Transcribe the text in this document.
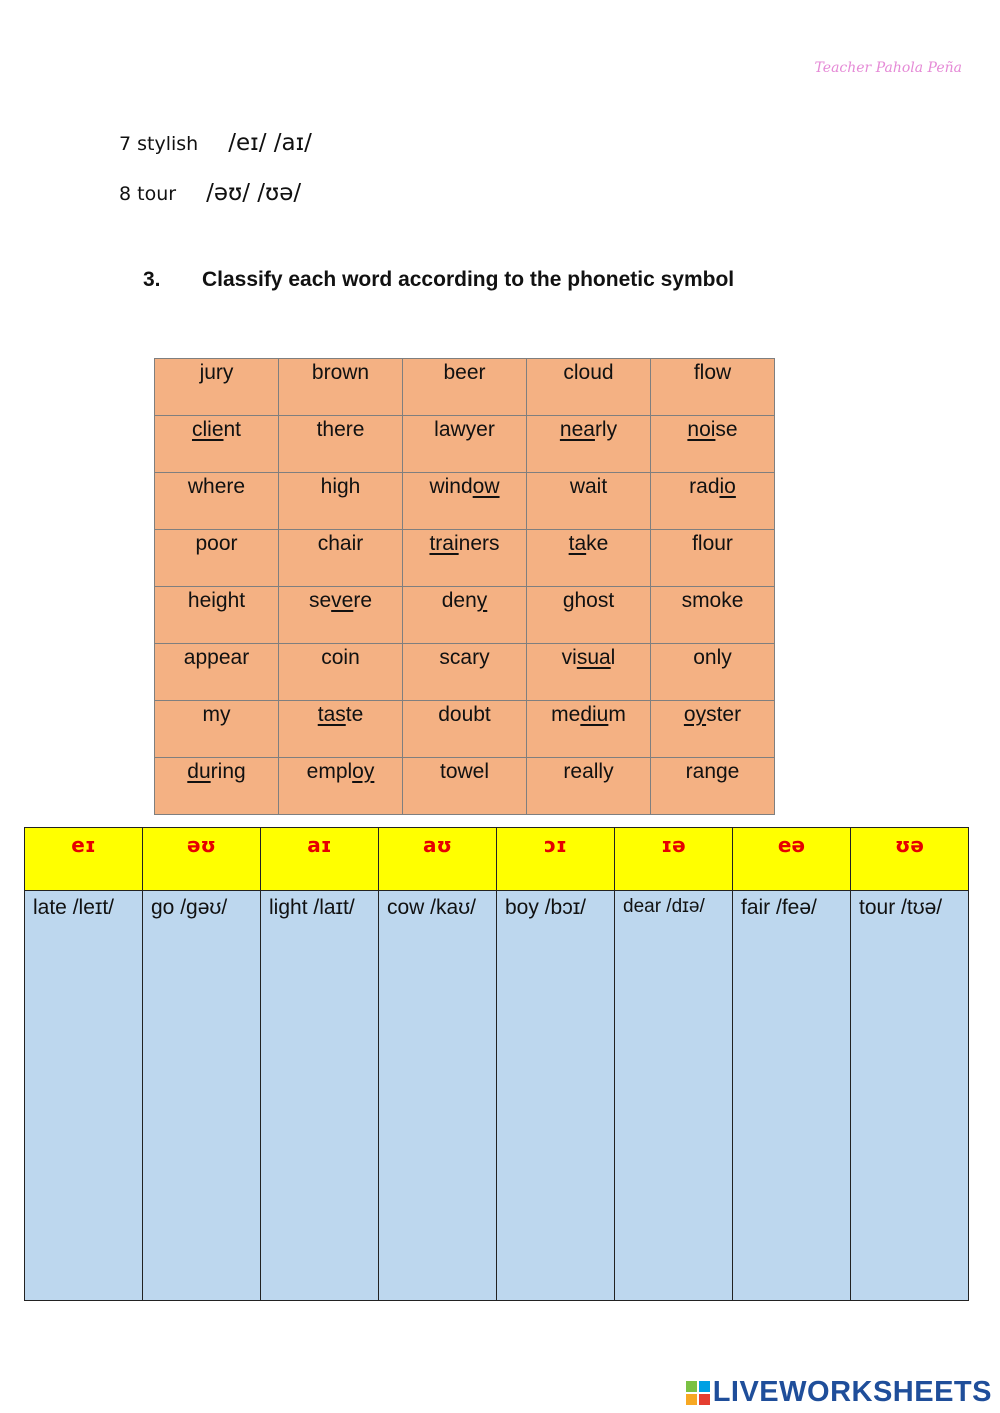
Teacher Pahola Peña
7 stylish /eɪ/ /aɪ/
8 tour /əʊ/ /ʊə/
3. Classify each word according to the phonetic symbol
jury	brown	beer	cloud	flow
client	there	lawyer	nearly	noise
where	high	window	wait	radio
poor	chair	trainers	take	flour
height	severe	deny	ghost	smoke
appear	coin	scary	visual	only
my	taste	doubt	medium	oyster
during	employ	towel	really	range
eɪ	əʊ	aɪ	aʊ	ɔɪ	ɪə	eə	ʊə
late /leɪt/	go /gəʊ/	light /laɪt/	cow /kaʊ/	boy /bɔɪ/	dear /dɪə/	fair /feə/	tour /tʊə/
LIVEWORKSHEETS
